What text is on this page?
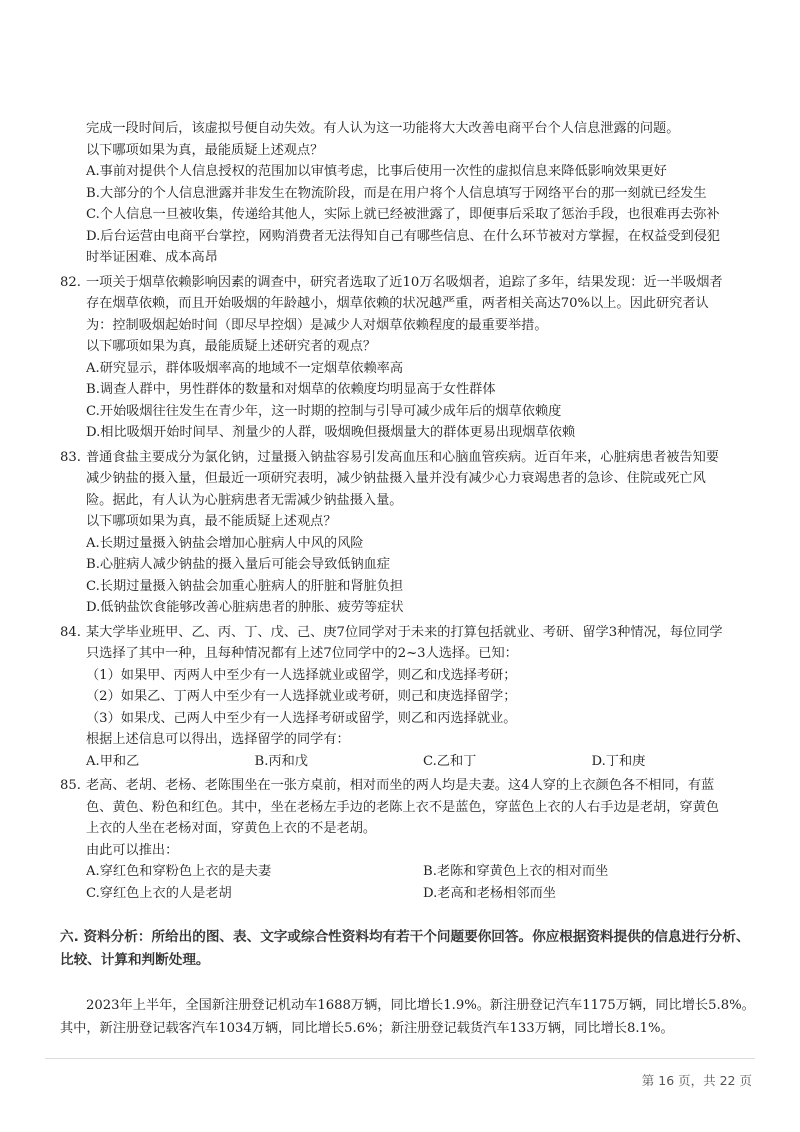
完成一段时间后，该虚拟号便自动失效。有人认为这一功能将大大改善电商平台个人信息泄露的问题。
以下哪项如果为真，最能质疑上述观点？
A.事前对提供个人信息授权的范围加以审慎考虑，比事后使用一次性的虚拟信息来降低影响效果更好
B.大部分的个人信息泄露并非发生在物流阶段，而是在用户将个人信息填写于网络平台的那一刻就已经发生
C.个人信息一旦被收集，传递给其他人，实际上就已经被泄露了，即便事后采取了惩治手段，也很难再去弥补
D.后台运营由电商平台掌控，网购消费者无法得知自己有哪些信息、在什么环节被对方掌握，在权益受到侵犯
时举证困难、成本高昂
82. 一项关于烟草依赖影响因素的调查中，研究者选取了近10万名吸烟者，追踪了多年，结果发现：近一半吸烟者
存在烟草依赖，而且开始吸烟的年龄越小，烟草依赖的状况越严重，两者相关高达70%以上。因此研究者认
为：控制吸烟起始时间（即尽早控烟）是减少人对烟草依赖程度的最重要举措。
以下哪项如果为真，最能质疑上述研究者的观点？
A.研究显示，群体吸烟率高的地域不一定烟草依赖率高
B.调查人群中，男性群体的数量和对烟草的依赖度均明显高于女性群体
C.开始吸烟往往发生在青少年，这一时期的控制与引导可减少成年后的烟草依赖度
D.相比吸烟开始时间早、剂量少的人群，吸烟晚但摄烟量大的群体更易出现烟草依赖
83. 普通食盐主要成分为氯化钠，过量摄入钠盐容易引发高血压和心脑血管疾病。近百年来，心脏病患者被告知要
减少钠盐的摄入量，但最近一项研究表明，减少钠盐摄入量并没有减少心力衰竭患者的急诊、住院或死亡风
险。据此，有人认为心脏病患者无需减少钠盐摄入量。
以下哪项如果为真，最不能质疑上述观点？
A.长期过量摄入钠盐会增加心脏病人中风的风险
B.心脏病人减少钠盐的摄入量后可能会导致低钠血症
C.长期过量摄入钠盐会加重心脏病人的肝脏和肾脏负担
D.低钠盐饮食能够改善心脏病患者的肿胀、疲劳等症状
84. 某大学毕业班甲、乙、丙、丁、戊、己、庚7位同学对于未来的打算包括就业、考研、留学3种情况，每位同学
只选择了其中一种，且每种情况都有上述7位同学中的2~3人选择。已知：
（1）如果甲、丙两人中至少有一人选择就业或留学，则乙和戊选择考研；
（2）如果乙、丁两人中至少有一人选择就业或考研，则己和庚选择留学；
（3）如果戊、己两人中至少有一人选择考研或留学，则乙和丙选择就业。
根据上述信息可以得出，选择留学的同学有：
A.甲和乙	B.丙和戊	C.乙和丁	D.丁和庚
85. 老高、老胡、老杨、老陈围坐在一张方桌前，相对而坐的两人均是夫妻。这4人穿的上衣颜色各不相同，有蓝
色、黄色、粉色和红色。其中，坐在老杨左手边的老陈上衣不是蓝色，穿蓝色上衣的人右手边是老胡，穿黄色
上衣的人坐在老杨对面，穿黄色上衣的不是老胡。
由此可以推出：
A.穿红色和穿粉色上衣的是夫妻	B.老陈和穿黄色上衣的相对而坐
C.穿红色上衣的人是老胡	D.老高和老杨相邻而坐
六. 资料分析：所给出的图、表、文字或综合性资料均有若干个问题要你回答。你应根据资料提供的信息进行分析、比较、计算和判断处理。
2023年上半年，全国新注册登记机动车1688万辆，同比增长1.9%。新注册登记汽车1175万辆，同比增长5.8%。其中，新注册登记载客汽车1034万辆，同比增长5.6%；新注册登记载货汽车133万辆，同比增长8.1%。
第 16 页，共 22 页
